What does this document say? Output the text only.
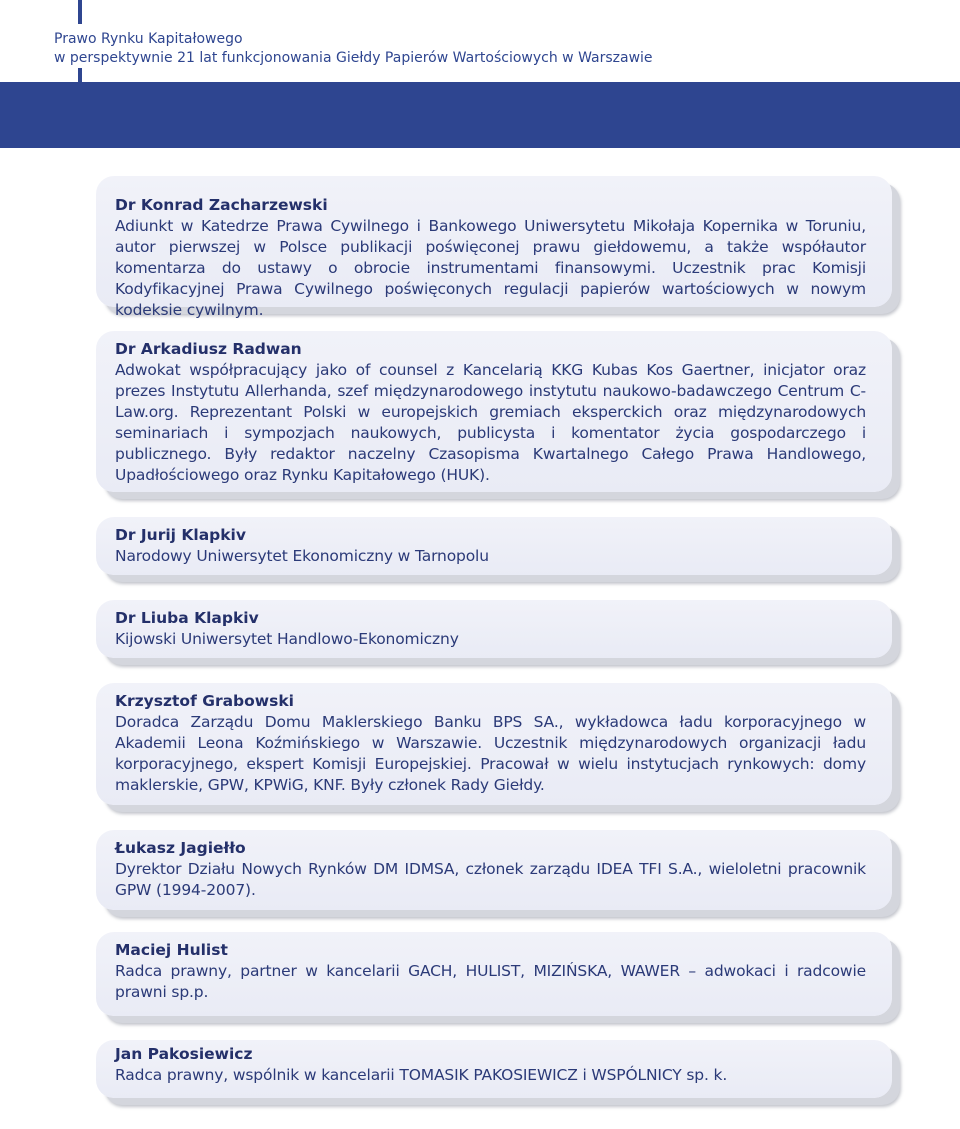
Prawo Rynku Kapitałowego
w perspektywnie 21 lat funkcjonowania Giełdy Papierów Wartościowych w Warszawie
Dr Konrad Zacharzewski
Adiunkt w Katedrze Prawa Cywilnego i Bankowego Uniwersytetu Mikołaja Kopernika w Toruniu, autor pierwszej w Polsce publikacji poświęconej prawu giełdowemu, a także współautor komentarza do ustawy o obrocie instrumentami finansowymi. Uczestnik prac Komisji Kodyfikacyjnej Prawa Cywilnego poświęconych regulacji papierów wartościowych w nowym kodeksie cywilnym.
Dr Arkadiusz Radwan
Adwokat współpracujący jako of counsel z Kancelarią KKG Kubas Kos Gaertner, inicjator oraz prezes Instytutu Allerhanda, szef międzynarodowego instytutu naukowo-badawczego Centrum C-Law.org. Reprezentant Polski w europejskich gremiach eksperckich oraz międzynarodowych seminariach i sympozjach naukowych, publicysta i komentator życia gospodarczego i publicznego. Były redaktor naczelny Czasopisma Kwartalnego Całego Prawa Handlowego, Upadłościowego oraz Rynku Kapitałowego (HUK).
Dr Jurij Klapkiv
Narodowy Uniwersytet Ekonomiczny w Tarnopolu
Dr Liuba Klapkiv
Kijowski Uniwersytet Handlowo-Ekonomiczny
Krzysztof Grabowski
Doradca Zarządu Domu Maklerskiego Banku BPS SA., wykładowca ładu korporacyjnego w Akademii Leona Koźmińskiego w Warszawie. Uczestnik międzynarodowych organizacji ładu korporacyjnego, ekspert Komisji Europejskiej. Pracował w wielu instytucjach rynkowych: domy maklerskie, GPW, KPWiG, KNF. Były członek Rady Giełdy.
Łukasz Jagiełło
Dyrektor Działu Nowych Rynków DM IDMSA, członek zarządu IDEA TFI S.A., wieloletni pracownik GPW (1994-2007).
Maciej Hulist
Radca prawny, partner w kancelarii GACH, HULIST, MIZIŃSKA, WAWER – adwokaci i radcowie prawni sp.p.
Jan Pakosiewicz
Radca prawny, wspólnik w kancelarii TOMASIK PAKOSIEWICZ i WSPÓLNICY sp. k.
